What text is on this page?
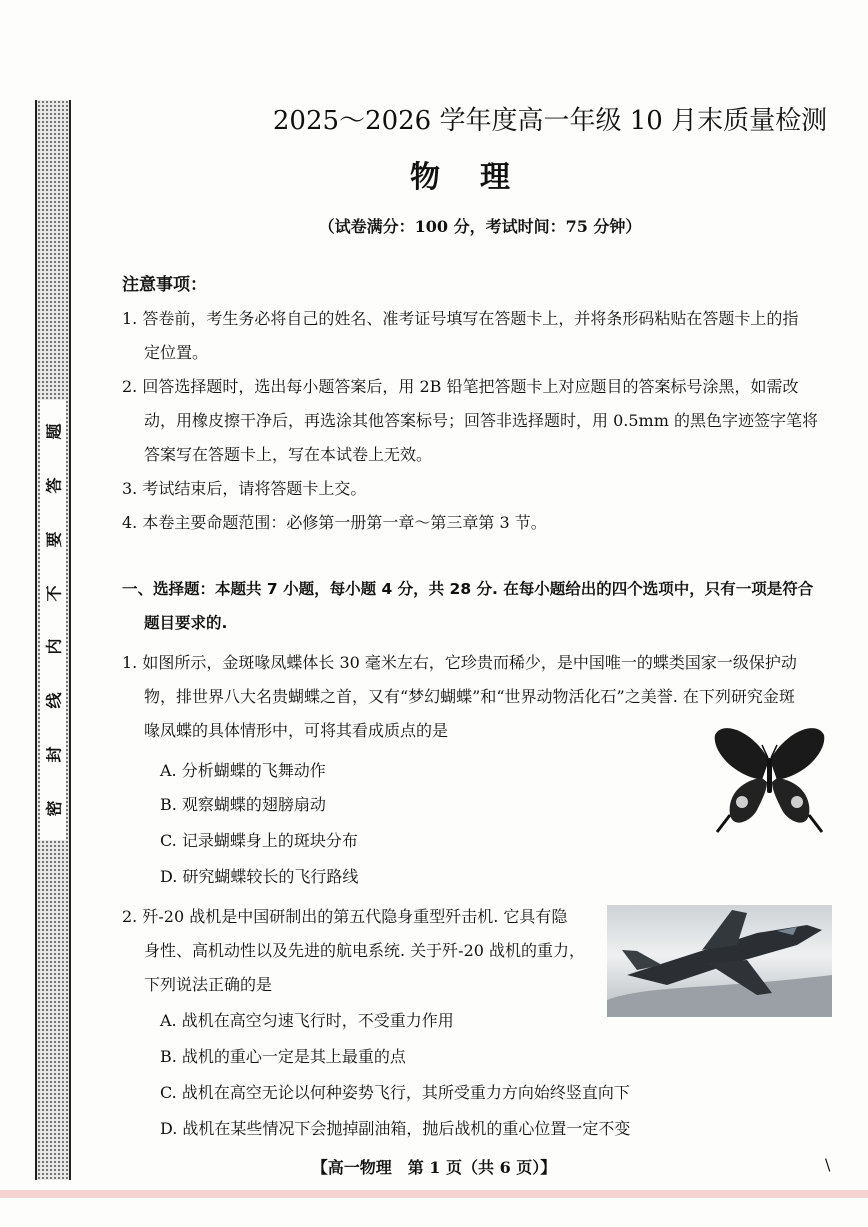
题
答
要
不
内
线
封
密
2025～2026 学年度高一年级 10 月末质量检测
物理
（试卷满分：100 分，考试时间：75 分钟）
注意事项：
1. 答卷前，考生务必将自己的姓名、准考证号填写在答题卡上，并将条形码粘贴在答题卡上的指
定位置。
2. 回答选择题时，选出每小题答案后，用 2B 铅笔把答题卡上对应题目的答案标号涂黑，如需改
动，用橡皮擦干净后，再选涂其他答案标号；回答非选择题时，用 0.5mm 的黑色字迹签字笔将
答案写在答题卡上，写在本试卷上无效。
3. 考试结束后，请将答题卡上交。
4. 本卷主要命题范围：必修第一册第一章～第三章第 3 节。
一、选择题：本题共 7 小题，每小题 4 分，共 28 分. 在每小题给出的四个选项中，只有一项是符合
题目要求的.
1. 如图所示，金斑喙凤蝶体长 30 毫米左右，它珍贵而稀少，是中国唯一的蝶类国家一级保护动
物，排世界八大名贵蝴蝶之首，又有“梦幻蝴蝶”和“世界动物活化石”之美誉. 在下列研究金斑
喙凤蝶的具体情形中，可将其看成质点的是
A. 分析蝴蝶的飞舞动作
B. 观察蝴蝶的翅膀扇动
C. 记录蝴蝶身上的斑块分布
D. 研究蝴蝶较长的飞行路线
2. 歼-20 战机是中国研制出的第五代隐身重型歼击机. 它具有隐
身性、高机动性以及先进的航电系统. 关于歼-20 战机的重力，
下列说法正确的是
A. 战机在高空匀速飞行时，不受重力作用
B. 战机的重心一定是其上最重的点
C. 战机在高空无论以何种姿势飞行，其所受重力方向始终竖直向下
D. 战机在某些情况下会抛掉副油箱，抛后战机的重心位置一定不变
【高一物理　第 1 页（共 6 页）】	\
